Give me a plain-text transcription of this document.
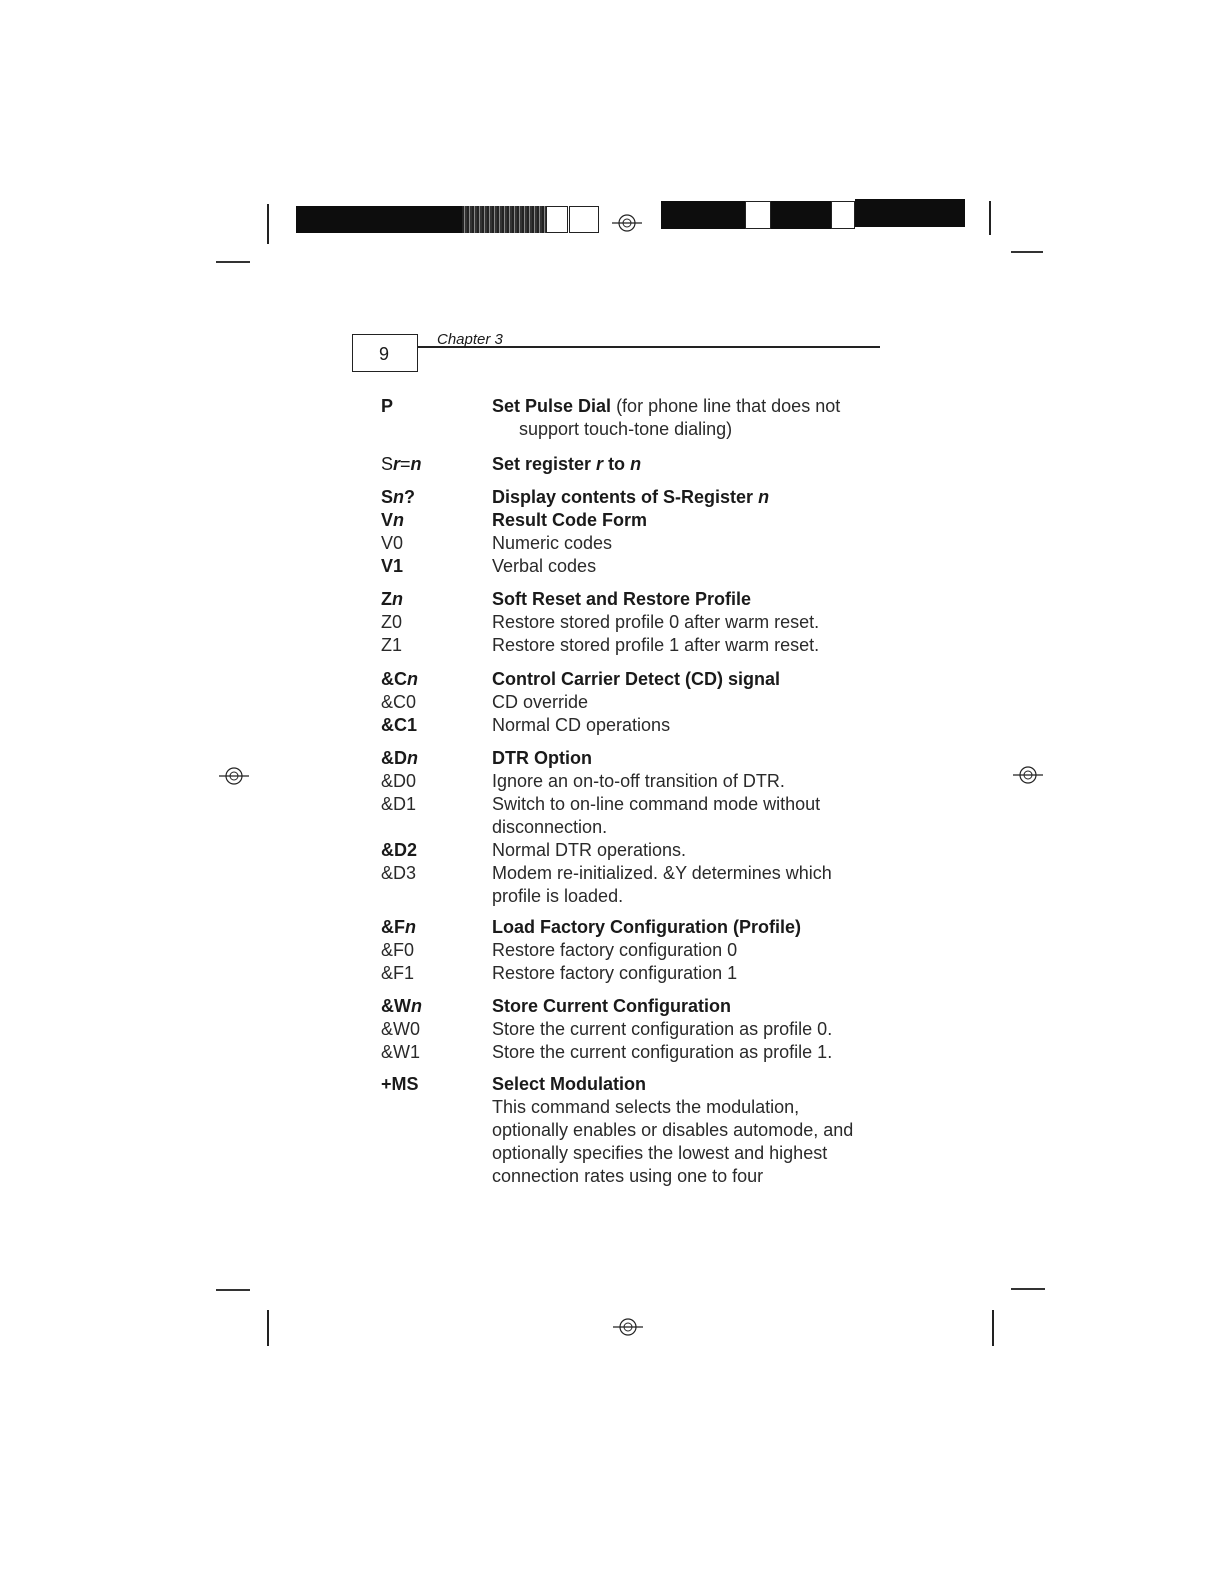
9
Chapter 3
P	Set Pulse Dial (for phone line that does not
support touch-tone dialing)
Sr=n	Set register r to n
Sn?	Display contents of S-Register n
Vn	Result Code Form
V0	Numeric codes
V1	Verbal codes
Zn	Soft Reset and Restore Profile
Z0	Restore stored profile 0 after warm reset.
Z1	Restore stored profile 1 after warm reset.
&Cn	Control Carrier Detect (CD) signal
&C0	CD override
&C1	Normal CD operations
&Dn	DTR Option
&D0	Ignore an on-to-off transition of DTR.
&D1	Switch to on-line command mode without
disconnection.
&D2	Normal DTR operations.
&D3	Modem re-initialized. &Y determines which
profile is loaded.
&Fn	Load Factory Configuration (Profile)
&F0	Restore factory configuration 0
&F1	Restore factory configuration 1
&Wn	Store Current Configuration
&W0	Store the current configuration as profile 0.
&W1	Store the current configuration as profile 1.
+MS	Select Modulation
This command selects the modulation,
optionally enables or disables automode, and
optionally specifies the lowest and highest
connection rates using one to four
